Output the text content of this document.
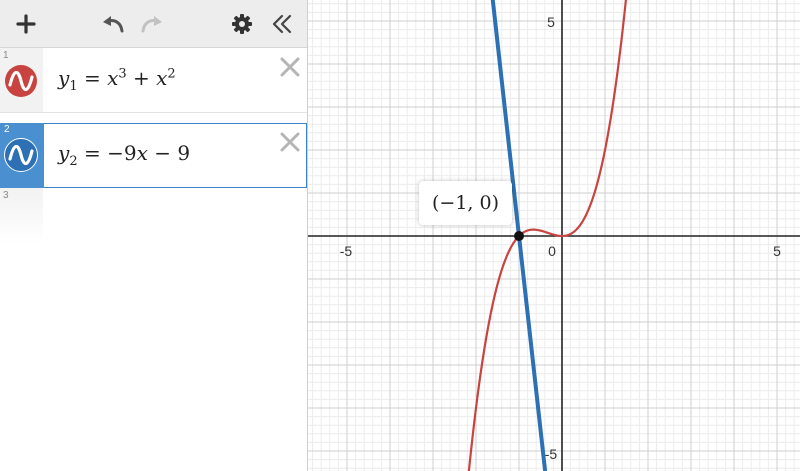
1
$y_1 = x^3 + x^2$
2
$y_2 = -9x - 9$
3
-5	0	5
5
-5
(−1, 0)
